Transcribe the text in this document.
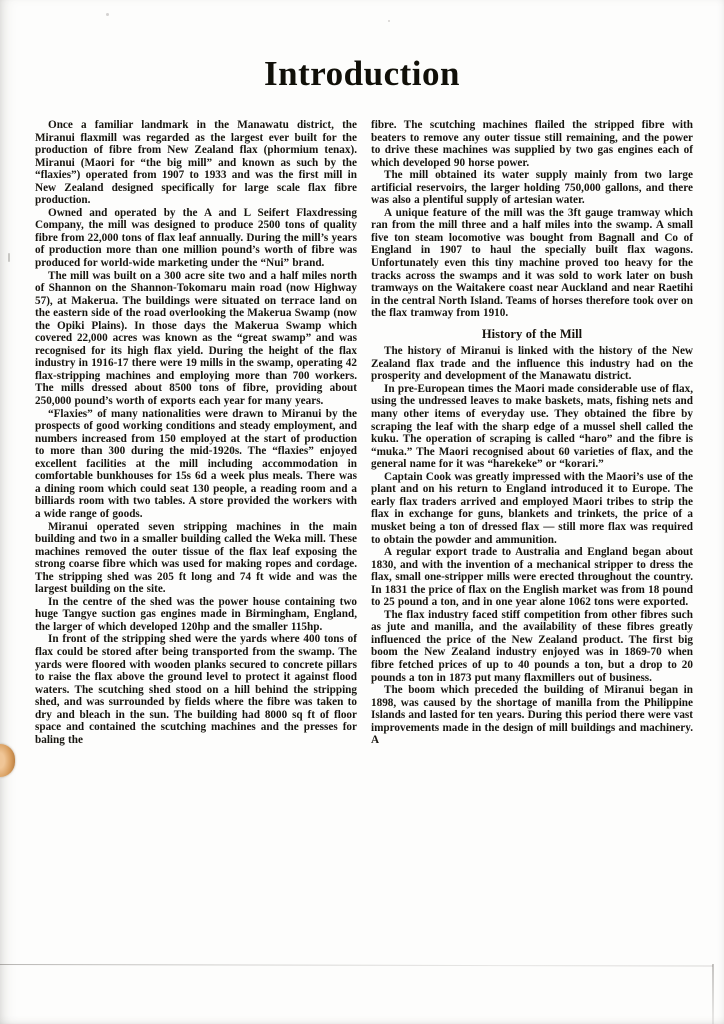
Introduction

Once a familiar landmark in the Manawatu district, the Miranui flaxmill was regarded as the largest ever built for the production of fibre from New Zealand flax (phormium tenax). Miranui (Maori for “the big mill” and known as such by the “flaxies”) operated from 1907 to 1933 and was the first mill in New Zealand designed specifically for large scale flax fibre production.

Owned and operated by the A and L Seifert Flaxdressing Company, the mill was designed to produce 2500 tons of quality fibre from 22,000 tons of flax leaf annually. During the mill’s years of production more than one million pound’s worth of fibre was produced for world-wide marketing under the “Nui” brand.

The mill was built on a 300 acre site two and a half miles north of Shannon on the Shannon-Tokomaru main road (now Highway 57), at Makerua. The buildings were situated on terrace land on the eastern side of the road overlooking the Makerua Swamp (now the Opiki Plains). In those days the Makerua Swamp which covered 22,000 acres was known as the “great swamp” and was recognised for its high flax yield. During the height of the flax industry in 1916-17 there were 19 mills in the swamp, operating 42 flax-stripping machines and employing more than 700 workers. The mills dressed about 8500 tons of fibre, providing about 250,000 pound’s worth of exports each year for many years.

“Flaxies” of many nationalities were drawn to Miranui by the prospects of good working conditions and steady employment, and numbers increased from 150 employed at the start of production to more than 300 during the mid-1920s. The “flaxies” enjoyed excellent facilities at the mill including accommodation in comfortable bunkhouses for 15s 6d a week plus meals. There was a dining room which could seat 130 people, a reading room and a billiards room with two tables. A store provided the workers with a wide range of goods.

Miranui operated seven stripping machines in the main building and two in a smaller building called the Weka mill. These machines removed the outer tissue of the flax leaf exposing the strong coarse fibre which was used for making ropes and cordage. The stripping shed was 205 ft long and 74 ft wide and was the largest building on the site.

In the centre of the shed was the power house containing two huge Tangye suction gas engines made in Birmingham, England, the larger of which developed 120hp and the smaller 115hp.

In front of the stripping shed were the yards where 400 tons of flax could be stored after being transported from the swamp. The yards were floored with wooden planks secured to concrete pillars to raise the flax above the ground level to protect it against flood waters. The scutching shed stood on a hill behind the stripping shed, and was surrounded by fields where the fibre was taken to dry and bleach in the sun. The building had 8000 sq ft of floor space and contained the scutching machines and the presses for baling the

fibre. The scutching machines flailed the stripped fibre with beaters to remove any outer tissue still remaining, and the power to drive these machines was supplied by two gas engines each of which developed 90 horse power.

The mill obtained its water supply mainly from two large artificial reservoirs, the larger holding 750,000 gallons, and there was also a plentiful supply of artesian water.

A unique feature of the mill was the 3ft gauge tramway which ran from the mill three and a half miles into the swamp. A small five ton steam locomotive was bought from Bagnall and Co of England in 1907 to haul the specially built flax wagons. Unfortunately even this tiny machine proved too heavy for the tracks across the swamps and it was sold to work later on bush tramways on the Waitakere coast near Auckland and near Raetihi in the central North Island. Teams of horses therefore took over on the flax tramway from 1910.

History of the Mill

The history of Miranui is linked with the history of the New Zealand flax trade and the influence this industry had on the prosperity and development of the Manawatu district.

In pre-European times the Maori made considerable use of flax, using the undressed leaves to make baskets, mats, fishing nets and many other items of everyday use. They obtained the fibre by scraping the leaf with the sharp edge of a mussel shell called the kuku. The operation of scraping is called “haro” and the fibre is “muka.” The Maori recognised about 60 varieties of flax, and the general name for it was “harekeke” or “korari.”

Captain Cook was greatly impressed with the Maori’s use of the plant and on his return to England introduced it to Europe. The early flax traders arrived and employed Maori tribes to strip the flax in exchange for guns, blankets and trinkets, the price of a musket being a ton of dressed flax — still more flax was required to obtain the powder and ammunition.

A regular export trade to Australia and England began about 1830, and with the invention of a mechanical stripper to dress the flax, small one-stripper mills were erected throughout the country. In 1831 the price of flax on the English market was from 18 pound to 25 pound a ton, and in one year alone 1062 tons were exported.

The flax industry faced stiff competition from other fibres such as jute and manilla, and the availability of these fibres greatly influenced the price of the New Zealand product. The first big boom the New Zealand industry enjoyed was in 1869-70 when fibre fetched prices of up to 40 pounds a ton, but a drop to 20 pounds a ton in 1873 put many flaxmillers out of business.

The boom which preceded the building of Miranui began in 1898, was caused by the shortage of manilla from the Philippine Islands and lasted for ten years. During this period there were vast improvements made in the design of mill buildings and machinery. A
